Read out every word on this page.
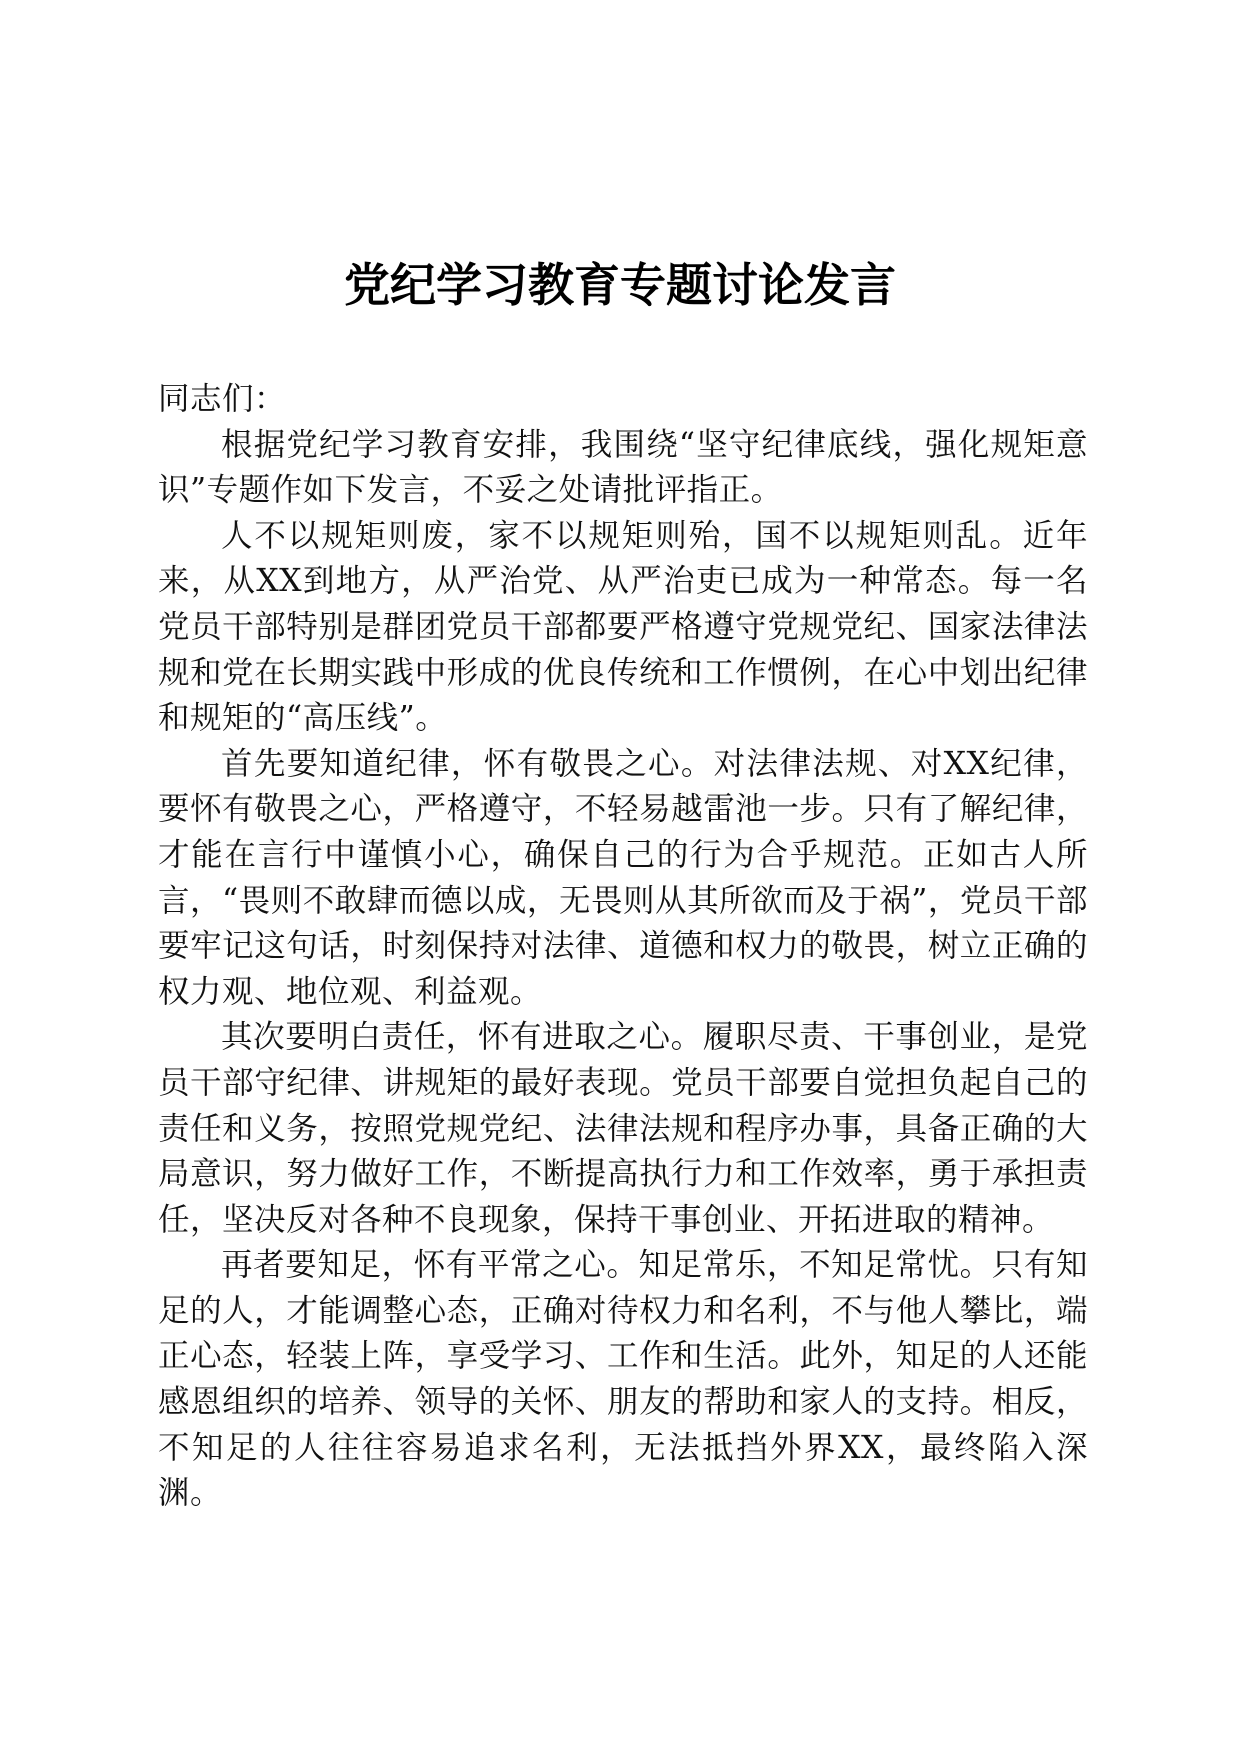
党纪学习教育专题讨论发言

同志们：

根据党纪学习教育安排，我围绕“坚守纪律底线，强化规矩意识”专题作如下发言，不妥之处请批评指正。

人不以规矩则废，家不以规矩则殆，国不以规矩则乱。近年来，从XX到地方，从严治党、从严治吏已成为一种常态。每一名党员干部特别是群团党员干部都要严格遵守党规党纪、国家法律法规和党在长期实践中形成的优良传统和工作惯例，在心中划出纪律和规矩的“高压线”。

首先要知道纪律，怀有敬畏之心。对法律法规、对XX纪律，要怀有敬畏之心，严格遵守，不轻易越雷池一步。只有了解纪律，才能在言行中谨慎小心，确保自己的行为合乎规范。正如古人所言，“畏则不敢肆而德以成，无畏则从其所欲而及于祸”，党员干部要牢记这句话，时刻保持对法律、道德和权力的敬畏，树立正确的权力观、地位观、利益观。

其次要明白责任，怀有进取之心。履职尽责、干事创业，是党员干部守纪律、讲规矩的最好表现。党员干部要自觉担负起自己的责任和义务，按照党规党纪、法律法规和程序办事，具备正确的大局意识，努力做好工作，不断提高执行力和工作效率，勇于承担责任，坚决反对各种不良现象，保持干事创业、开拓进取的精神。

再者要知足，怀有平常之心。知足常乐，不知足常忧。只有知足的人，才能调整心态，正确对待权力和名利，不与他人攀比，端正心态，轻装上阵，享受学习、工作和生活。此外，知足的人还能感恩组织的培养、领导的关怀、朋友的帮助和家人的支持。相反，不知足的人往往容易追求名利，无法抵挡外界XX，最终陷入深渊。
